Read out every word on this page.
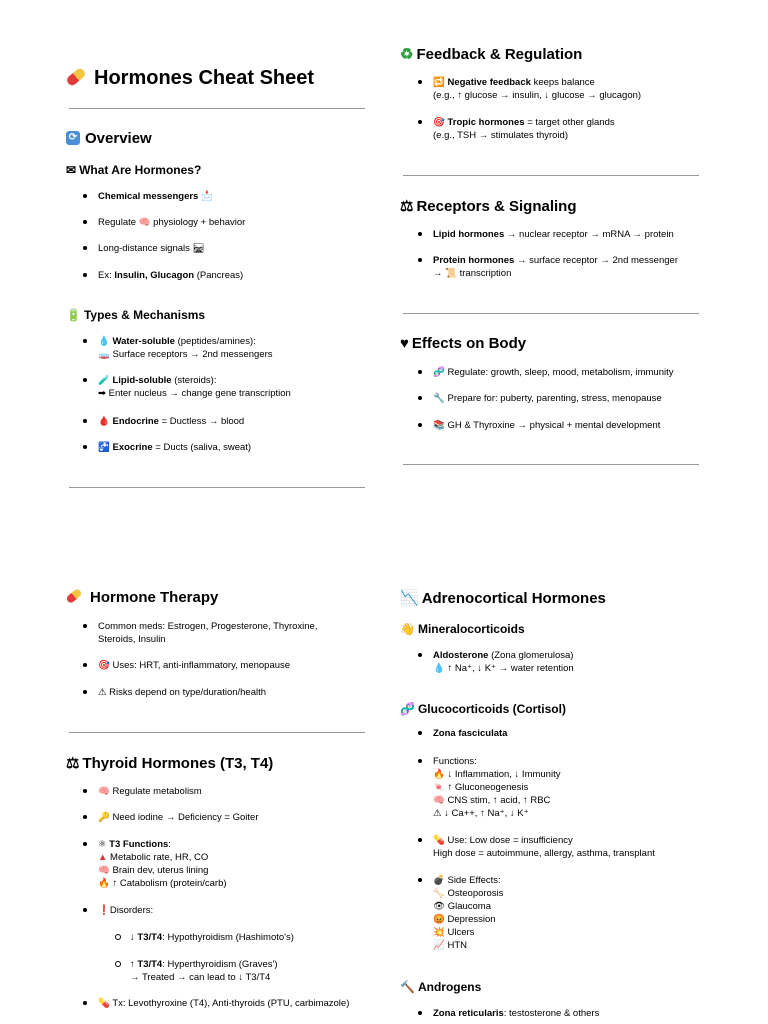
Hormones Cheat Sheet
⟳ Overview
✉ What Are Hormones?
Chemical messengers 📩
Regulate 🧠 physiology + behavior
Long-distance signals 🛤
Ex: Insulin, Glucagon (Pancreas)
🔋 Types & Mechanisms
💧 Water-soluble (peptides/amines):
🧫 Surface receptors → 2nd messengers
🧪 Lipid-soluble (steroids):
➡ Enter nucleus → change gene transcription
🩸 Endocrine = Ductless → blood
🚰 Exocrine = Ducts (saliva, sweat)
♻ Feedback & Regulation
🔁 Negative feedback keeps balance
(e.g., ↑ glucose → insulin, ↓ glucose → glucagon)
🎯 Tropic hormones = target other glands
(e.g., TSH → stimulates thyroid)
⚖ Receptors & Signaling
Lipid hormones → nuclear receptor → mRNA → protein
Protein hormones → surface receptor → 2nd messenger
→ 📜 transcription
♥ Effects on Body
🧬 Regulate: growth, sleep, mood, metabolism, immunity
🔧 Prepare for: puberty, parenting, stress, menopause
📚 GH & Thyroxine → physical + mental development
Hormone Therapy
Common meds: Estrogen, Progesterone, Thyroxine,
Steroids, Insulin
🎯 Uses: HRT, anti-inflammatory, menopause
⚠ Risks depend on type/duration/health
⚖ Thyroid Hormones (T3, T4)
🧠 Regulate metabolism
🔑 Need iodine → Deficiency = Goiter
⚛ T3 Functions:
▲ Metabolic rate, HR, CO
🧠 Brain dev, uterus lining
🔥 ↑ Catabolism (protein/carb)
❗Disorders:
↓ T3/T4: Hypothyroidism (Hashimoto's)
↑ T3/T4: Hyperthyroidism (Graves')
→ Treated → can lead to ↓ T3/T4
💊 Tx: Levothyroxine (T4), Anti-thyroids (PTU, carbimazole)
📉 Adrenocortical Hormones
👋 Mineralocorticoids
Aldosterone (Zona glomerulosa)
💧 ↑ Na⁺, ↓ K⁺ → water retention
🧬 Glucocorticoids (Cortisol)
Zona fasciculata
Functions:
🔥 ↓ Inflammation, ↓ Immunity
🍬 ↑ Gluconeogenesis
🧠 CNS stim, ↑ acid, ↑ RBC
⚠ ↓ Ca++, ↑ Na⁺, ↓ K⁺
💊 Use: Low dose = insufficiency
High dose = autoimmune, allergy, asthma, transplant
💣 Side Effects:
🦴 Osteoporosis
👁 Glaucoma
😡 Depression
💥 Ulcers
📈 HTN
🔨 Androgens
Zona reticularis: testosterone & others
